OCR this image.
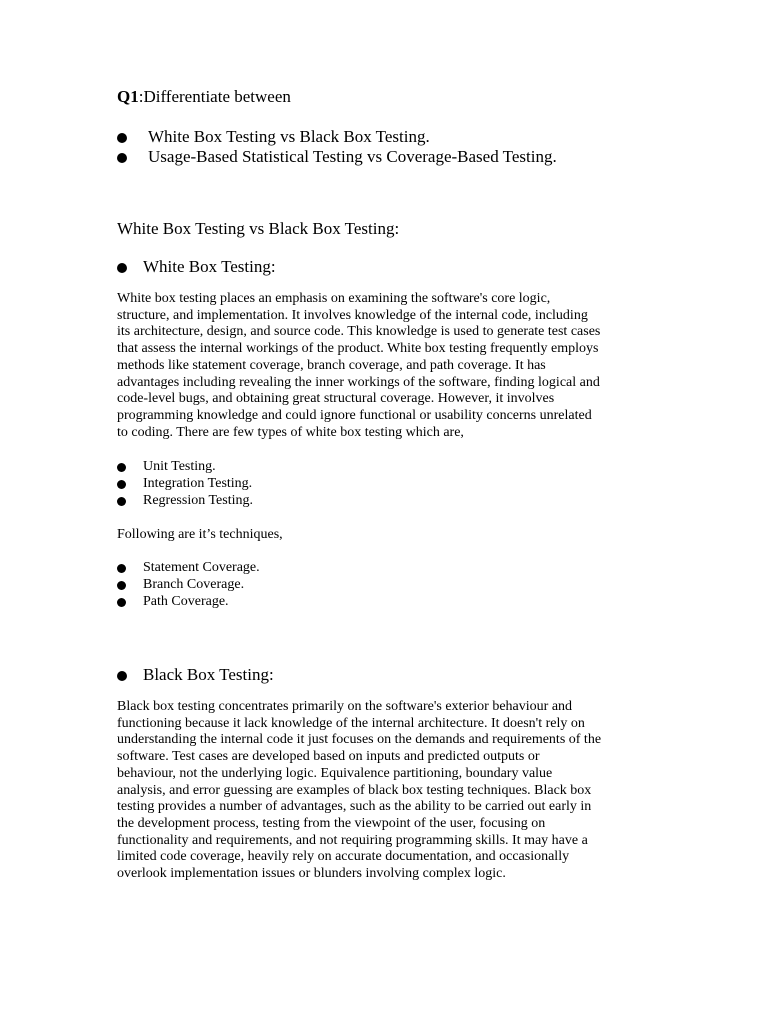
Q1:Differentiate between
White Box Testing vs Black Box Testing.
Usage-Based Statistical Testing vs Coverage-Based Testing.
White Box Testing vs Black Box Testing:
White Box Testing:
White box testing places an emphasis on examining the software's core logic,
structure, and implementation. It involves knowledge of the internal code, including
its architecture, design, and source code. This knowledge is used to generate test cases
that assess the internal workings of the product. White box testing frequently employs
methods like statement coverage, branch coverage, and path coverage. It has
advantages including revealing the inner workings of the software, finding logical and
code-level bugs, and obtaining great structural coverage. However, it involves
programming knowledge and could ignore functional or usability concerns unrelated
to coding. There are few types of white box testing which are,
Unit Testing.
Integration Testing.
Regression Testing.
Following are it’s techniques,
Statement Coverage.
Branch Coverage.
Path Coverage.
Black Box Testing:
Black box testing concentrates primarily on the software's exterior behaviour and
functioning because it lack knowledge of the internal architecture. It doesn't rely on
understanding the internal code it just focuses on the demands and requirements of the
software. Test cases are developed based on inputs and predicted outputs or
behaviour, not the underlying logic. Equivalence partitioning, boundary value
analysis, and error guessing are examples of black box testing techniques. Black box
testing provides a number of advantages, such as the ability to be carried out early in
the development process, testing from the viewpoint of the user, focusing on
functionality and requirements, and not requiring programming skills. It may have a
limited code coverage, heavily rely on accurate documentation, and occasionally
overlook implementation issues or blunders involving complex logic.
